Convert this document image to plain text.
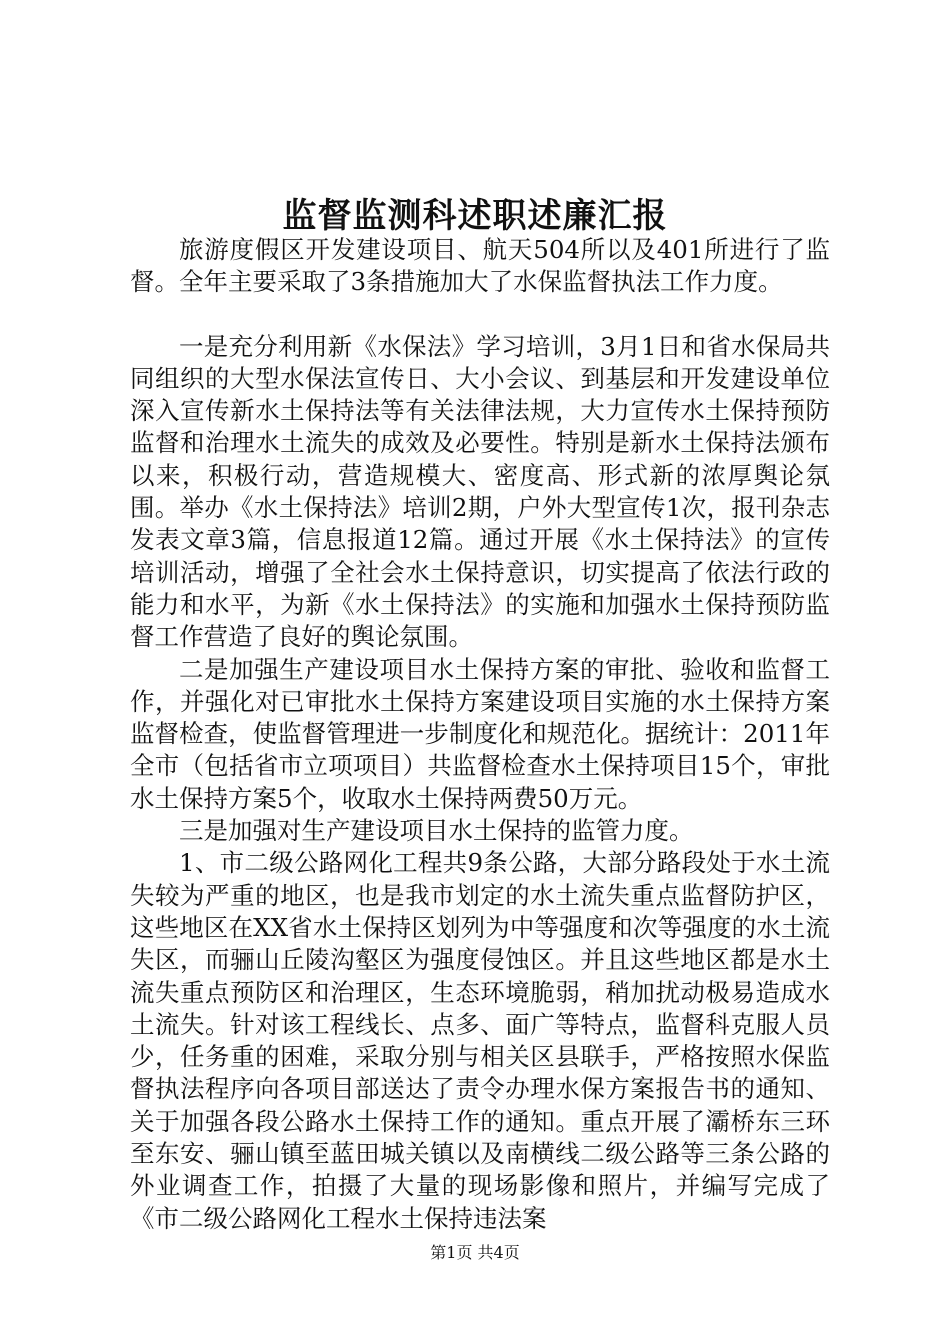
监督监测科述职述廉汇报

旅游度假区开发建设项目、航天504所以及401所进行了监督。全年主要采取了3条措施加大了水保监督执法工作力度。

一是充分利用新《水保法》学习培训，3月1日和省水保局共同组织的大型水保法宣传日、大小会议、到基层和开发建设单位深入宣传新水土保持法等有关法律法规，大力宣传水土保持预防监督和治理水土流失的成效及必要性。特别是新水土保持法颁布以来，积极行动，营造规模大、密度高、形式新的浓厚舆论氛围。举办《水土保持法》培训2期，户外大型宣传1次，报刊杂志发表文章3篇，信息报道12篇。通过开展《水土保持法》的宣传培训活动，增强了全社会水土保持意识，切实提高了依法行政的能力和水平，为新《水土保持法》的实施和加强水土保持预防监督工作营造了良好的舆论氛围。

二是加强生产建设项目水土保持方案的审批、验收和监督工作，并强化对已审批水土保持方案建设项目实施的水土保持方案监督检查，使监督管理进一步制度化和规范化。据统计：2011年全市（包括省市立项项目）共监督检查水土保持项目15个，审批水土保持方案5个，收取水土保持两费50万元。

三是加强对生产建设项目水土保持的监管力度。

1、市二级公路网化工程共9条公路，大部分路段处于水土流失较为严重的地区，也是我市划定的水土流失重点监督防护区，这些地区在XX省水土保持区划列为中等强度和次等强度的水土流失区，而骊山丘陵沟壑区为强度侵蚀区。并且这些地区都是水土流失重点预防区和治理区，生态环境脆弱，稍加扰动极易造成水土流失。针对该工程线长、点多、面广等特点，监督科克服人员少，任务重的困难，采取分别与相关区县联手，严格按照水保监督执法程序向各项目部送达了责令办理水保方案报告书的通知、关于加强各段公路水土保持工作的通知。重点开展了灞桥东三环至东安、骊山镇至蓝田城关镇以及南横线二级公路等三条公路的外业调查工作，拍摄了大量的现场影像和照片，并编写完成了《市二级公路网化工程水土保持违法案

第1页 共4页
